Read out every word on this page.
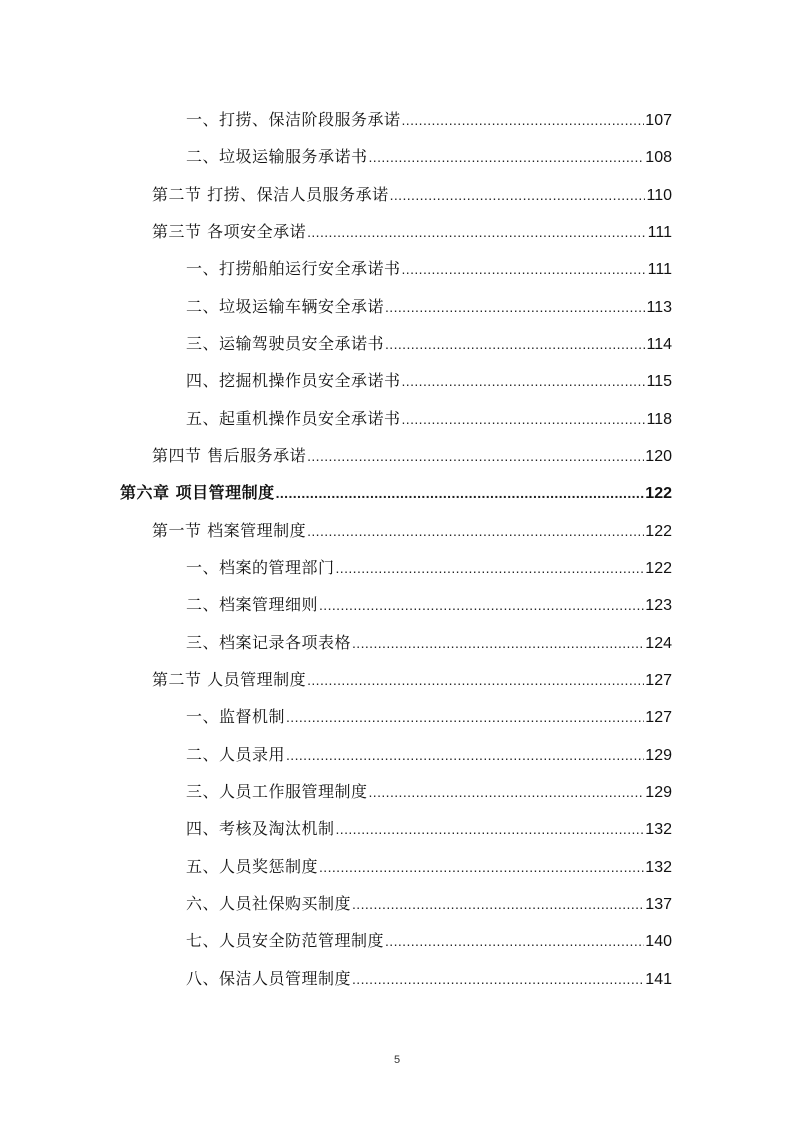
一、打捞、保洁阶段服务承诺 .....	107
二、垃圾运输服务承诺书 .....	108
第二节 打捞、保洁人员服务承诺 .....	110
第三节 各项安全承诺 .....	111
一、打捞船舶运行安全承诺书 .....	111
二、垃圾运输车辆安全承诺 .....	113
三、运输驾驶员安全承诺书 .....	114
四、挖掘机操作员安全承诺书 .....	115
五、起重机操作员安全承诺书 .....	118
第四节 售后服务承诺 .....	120
第六章 项目管理制度 .....	122
第一节 档案管理制度 .....	122
一、档案的管理部门 .....	122
二、档案管理细则 .....	123
三、档案记录各项表格 .....	124
第二节 人员管理制度 .....	127
一、监督机制 .....	127
二、人员录用 .....	129
三、人员工作服管理制度 .....	129
四、考核及淘汰机制 .....	132
五、人员奖惩制度 .....	132
六、人员社保购买制度 .....	137
七、人员安全防范管理制度 .....	140
八、保洁人员管理制度 .....	141
5
